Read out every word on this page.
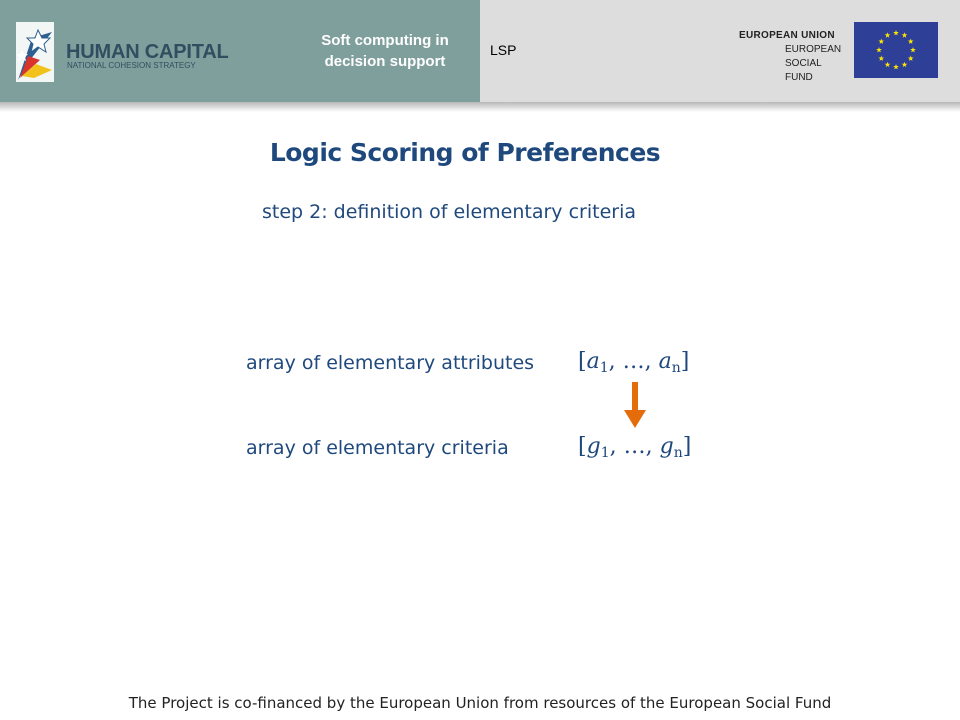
HUMAN CAPITAL
NATIONAL COHESION STRATEGY
Soft computing in
decision support
LSP
EUROPEAN UNION
EUROPEAN
SOCIAL FUND
Logic Scoring of Preferences
step 2: definition of elementary criteria
array of elementary attributes [$a_1$, …, $a_n$]
array of elementary criteria	[$g_1$, …, $g_n$]
The Project is co-financed by the European Union from resources of the European Social Fund
